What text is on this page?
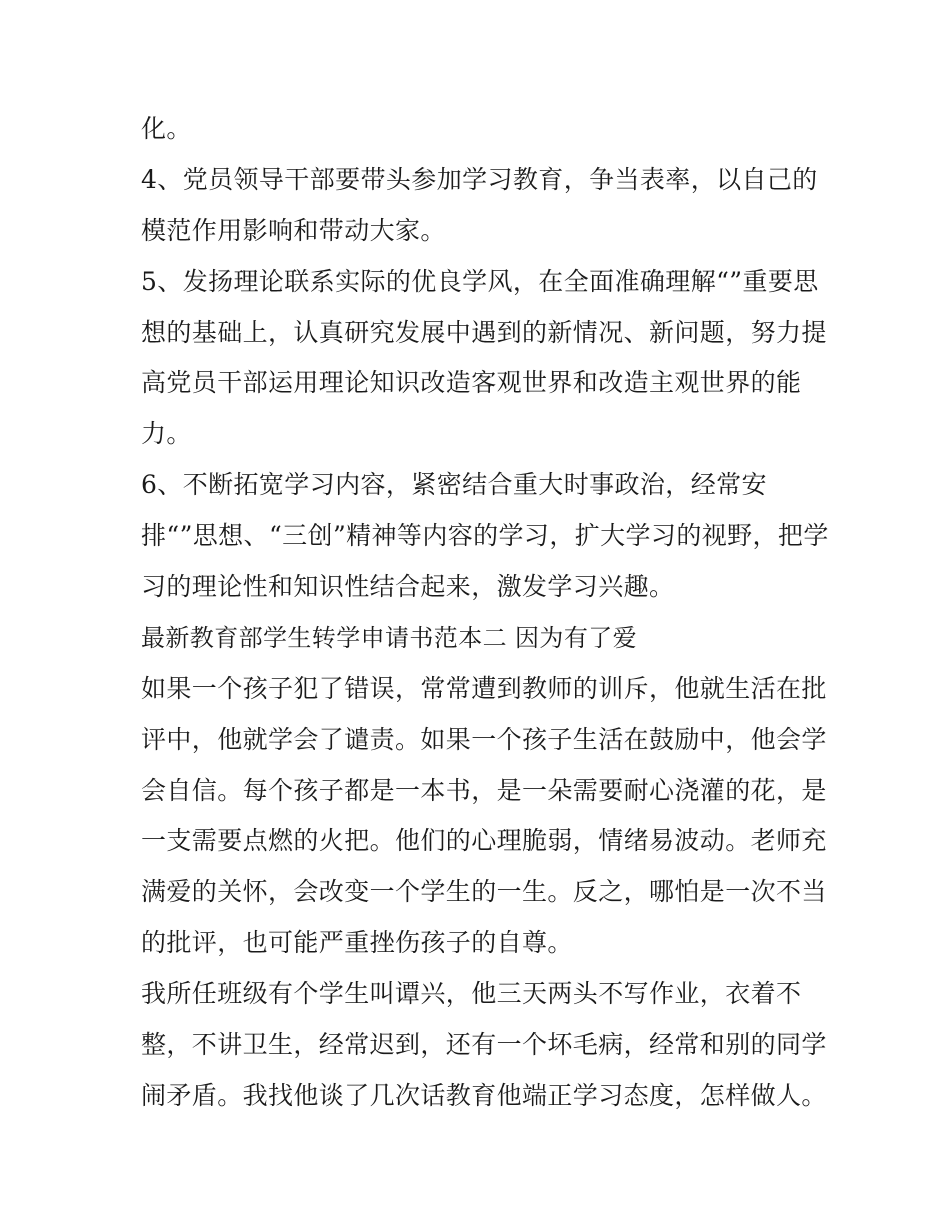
化。
4、党员领导干部要带头参加学习教育，争当表率，以自己的
模范作用影响和带动大家。
5、发扬理论联系实际的优良学风，在全面准确理解“”重要思
想的基础上，认真研究发展中遇到的新情况、新问题，努力提
高党员干部运用理论知识改造客观世界和改造主观世界的能
力。
6、不断拓宽学习内容，紧密结合重大时事政治，经常安
排“”思想、“三创”精神等内容的学习，扩大学习的视野，把学
习的理论性和知识性结合起来，激发学习兴趣。
最新教育部学生转学申请书范本二 因为有了爱
如果一个孩子犯了错误，常常遭到教师的训斥，他就生活在批
评中，他就学会了谴责。如果一个孩子生活在鼓励中，他会学
会自信。每个孩子都是一本书，是一朵需要耐心浇灌的花，是
一支需要点燃的火把。他们的心理脆弱，情绪易波动。老师充
满爱的关怀，会改变一个学生的一生。反之，哪怕是一次不当
的批评，也可能严重挫伤孩子的自尊。
我所任班级有个学生叫谭兴，他三天两头不写作业，衣着不
整，不讲卫生，经常迟到，还有一个坏毛病，经常和别的同学
闹矛盾。我找他谈了几次话教育他端正学习态度，怎样做人。
